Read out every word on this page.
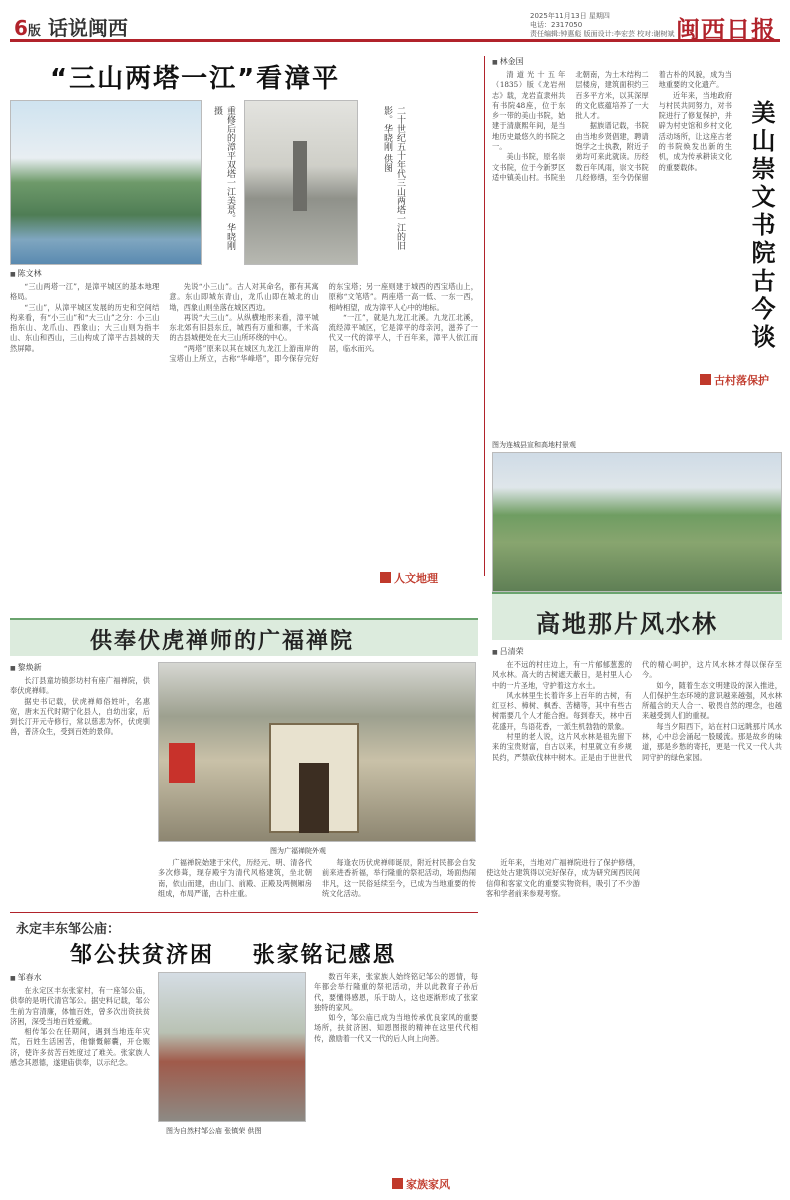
6版 话说闽西	2025年11月13日 星期四
电话：2317050
责任编辑:钟惠彪 版面设计:李宏芸 校对:谢树斌 闽西日报
“三山两塔一江”看漳平
重修后的漳平双塔一江美景。华晓刚 摄	二十世纪五十年代三山两塔一江的旧影。华晓刚 供图
■ 陈文林

“三山两塔一江”，是漳平城区的基本地理格局。

“三山”，从漳平城区发展的历史和空间结构来看，有“小三山”和“大三山”之分：小三山指东山、龙爪山、西象山；大三山则为指丰山、东山和西山，三山构成了漳平古县城的天然屏障。

先说“小三山”。古人对其命名，都有其寓意。东山即城东青山，龙爪山即在城北的山坳，西象山则坐落在城区西边。

再说“大三山”。从纵横地形来看，漳平城东北郊有旧县东丘，城西有万重和寨，千米高的古县城便处在大三山所环绕的中心。

“两塔”原来以其在城区九龙江上游南岸的宝塔山上所立，古称“华峰塔”，即今保存完好的东宝塔；另一座则建于城西的西宝塔山上，原称“文笔塔”。两座塔一高一低、一东一西，相峙相望，成为漳平人心中的地标。

“一江”，就是九龙江北溪。九龙江北溪，流经漳平城区，它是漳平的母亲河，滋养了一代又一代的漳平人，千百年来，漳平人依江而居，临水而兴。

■ 林金国

清道光十五年（1835）版《龙岩州志》载，龙岩直隶州共有书院48座，位于东乡一带的美山书院，始建于清康熙年间，是当地历史最悠久的书院之一。

美山书院，原名崇文书院，位于今新罗区适中镇美山村。书院坐北朝南，为土木结构二层楼房，建筑面积约三百多平方米，以其深厚的文化底蕴培养了一大批人才。

据族谱记载，书院由当地乡贤倡建，聘请饱学之士执教，附近子弟均可来此就读。历经数百年风雨，崇文书院几经修缮，至今仍保留着古朴的风貌，成为当地重要的文化遗产。

近年来，当地政府与村民共同努力，对书院进行了修复保护，并辟为村史馆和乡村文化活动场所，让这座古老的书院焕发出新的生机，成为传承耕读文化的重要载体。	美山崇文书院古今谈
古村落保护
图为连城县宣和高地村景观
人文地理
供奉伏虎禅师的广福禅院
■ 黎焕新

长汀县童坊镇彭坊村有座广福禅院，供奉伏虎禅师。

据史书记载，伏虎禅师俗姓叶，名惠宽，唐末五代时期宁化县人，自幼出家，后到长汀开元寺修行，常以慈悲为怀，伏虎驯兽，普济众生，受到百姓的景仰。

图为广福禅院外观

广福禅院始建于宋代，历经元、明、清各代多次修葺，现存殿宇为清代风格建筑，坐北朝南，依山而建，由山门、前殿、正殿及两侧厢房组成，布局严谨，古朴庄重。

每逢农历伏虎禅师诞辰，附近村民都会自发前来进香祈福，举行隆重的祭祀活动，场面热闹非凡，这一民俗延续至今，已成为当地重要的传统文化活动。

近年来，当地对广福禅院进行了保护修缮，使这处古建筑得以完好保存，成为研究闽西民间信仰和客家文化的重要实物资料，吸引了不少游客和学者前来参观考察。

高地那片风水林
■ 吕清荣

在不远的村庄边上，有一片郁郁葱葱的风水林。高大的古树遮天蔽日，是村里人心中的一片圣地，守护着这方水土。

风水林里生长着许多上百年的古树，有红豆杉、樟树、枫香、苦槠等，其中有些古树需要几个人才能合抱。每到春天，林中百花盛开，鸟语花香，一派生机勃勃的景象。

村里的老人说，这片风水林是祖先留下来的宝贵财富，自古以来，村里就立有乡规民约，严禁砍伐林中树木。正是由于世世代代的精心呵护，这片风水林才得以保存至今。

如今，随着生态文明建设的深入推进，人们保护生态环境的意识越来越强，风水林所蕴含的天人合一、敬畏自然的理念，也越来越受到人们的重视。

每当夕阳西下，站在村口远眺那片风水林，心中总会涌起一股暖流。那是故乡的味道，那是乡愁的寄托，更是一代又一代人共同守护的绿色家园。

永定丰东邹公庙：
邹公扶贫济困    张家铭记感恩
■ 邹春水

在永定区丰东张家村，有一座邹公庙，供奉的是明代清官邹公。据史料记载，邹公生前为官清廉，体恤百姓，曾多次出资扶贫济困，深受当地百姓爱戴。

相传邹公在任期间，遇到当地连年灾荒，百姓生活困苦，他慷慨解囊，开仓赈济，使许多贫苦百姓度过了难关。张家族人感念其恩德，遂建庙供奉，以示纪念。

图为自然村邹公庙 张镇荣 供图

数百年来，张家族人始终铭记邹公的恩情，每年都会举行隆重的祭祀活动，并以此教育子孙后代，要懂得感恩，乐于助人，这也逐渐形成了张家独特的家风。

如今，邹公庙已成为当地传承优良家风的重要场所，扶贫济困、知恩图报的精神在这里代代相传，激励着一代又一代的后人向上向善。

家族家风
